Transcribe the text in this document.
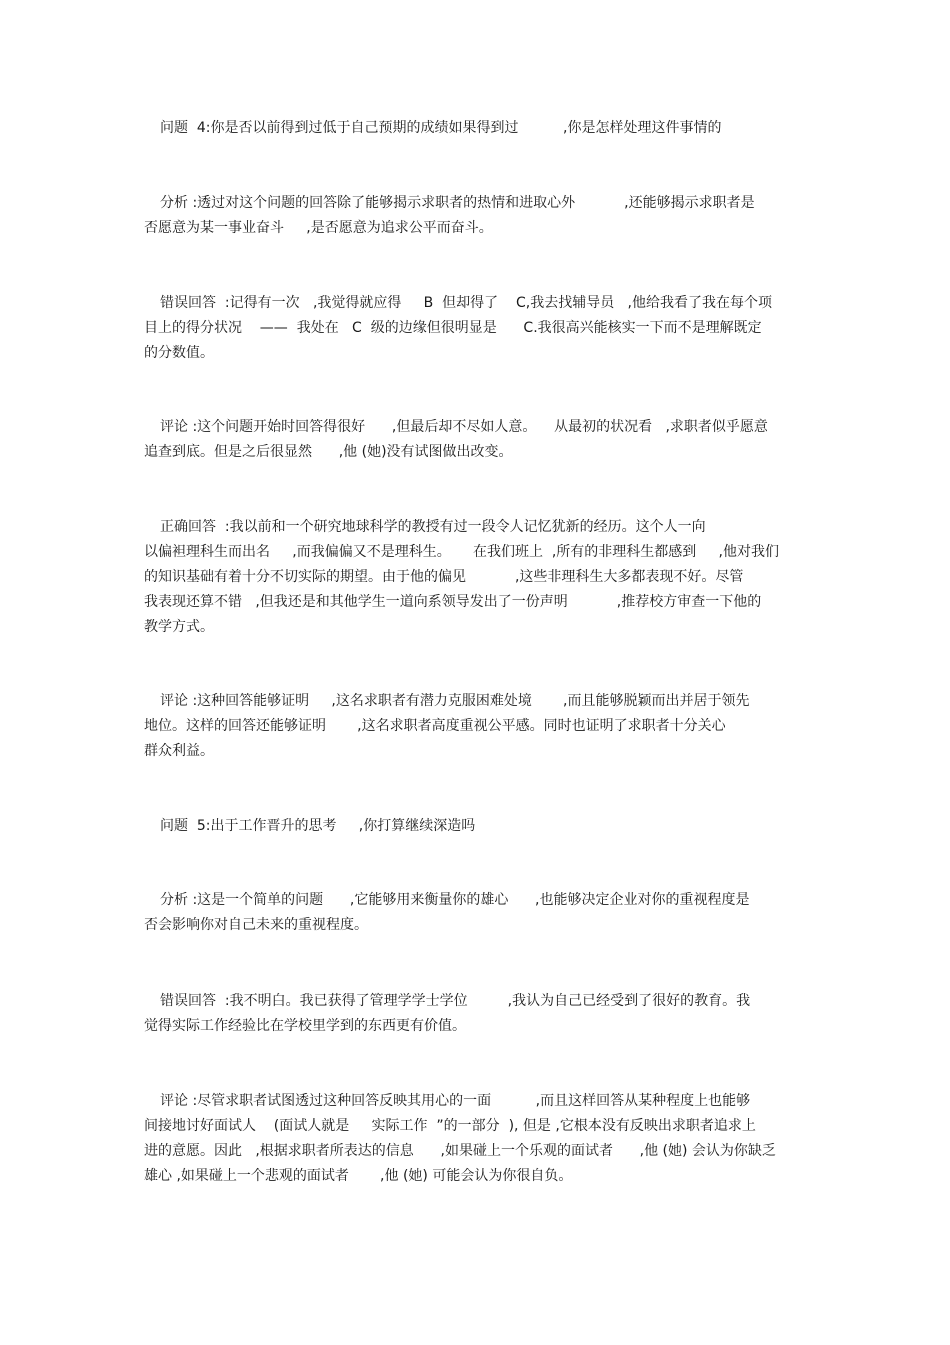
问题  4:你是否以前得到过低于自己预期的成绩如果得到过          ,你是怎样处理这件事情的

分析 :透过对这个问题的回答除了能够揭示求职者的热情和进取心外           ,还能够揭示求职者是
否愿意为某一事业奋斗     ,是否愿意为追求公平而奋斗。

错误回答  :记得有一次   ,我觉得就应得     B  但却得了    C,我去找辅导员   ,他给我看了我在每个项
目上的得分状况    ——  我处在   C  级的边缘但很明显是      C.我很高兴能核实一下而不是理解既定
的分数值。

评论 :这个问题开始时回答得很好      ,但最后却不尽如人意。    从最初的状况看   ,求职者似乎愿意
追查到底。但是之后很显然      ,他 (她)没有试图做出改变。

正确回答  :我以前和一个研究地球科学的教授有过一段令人记忆犹新的经历。这个人一向
以偏袒理科生而出名     ,而我偏偏又不是理科生。     在我们班上  ,所有的非理科生都感到     ,他对我们
的知识基础有着十分不切实际的期望。由于他的偏见           ,这些非理科生大多都表现不好。尽管
我表现还算不错   ,但我还是和其他学生一道向系领导发出了一份声明           ,推荐校方审查一下他的
教学方式。

评论 :这种回答能够证明     ,这名求职者有潜力克服困难处境       ,而且能够脱颖而出并居于领先
地位。这样的回答还能够证明       ,这名求职者高度重视公平感。同时也证明了求职者十分关心
群众利益。

问题  5:出于工作晋升的思考     ,你打算继续深造吗

分析 :这是一个简单的问题      ,它能够用来衡量你的雄心      ,也能够决定企业对你的重视程度是
否会影响你对自己未来的重视程度。

错误回答  :我不明白。我已获得了管理学学士学位         ,我认为自己已经受到了很好的教育。我
觉得实际工作经验比在学校里学到的东西更有价值。

评论 :尽管求职者试图透过这种回答反映其用心的一面          ,而且这样回答从某种程度上也能够
间接地讨好面试人    (面试人就是     实际工作  ”的一部分  ), 但是 ,它根本没有反映出求职者追求上
进的意愿。因此   ,根据求职者所表达的信息      ,如果碰上一个乐观的面试者      ,他 (她) 会认为你缺乏
雄心 ,如果碰上一个悲观的面试者       ,他 (她) 可能会认为你很自负。
